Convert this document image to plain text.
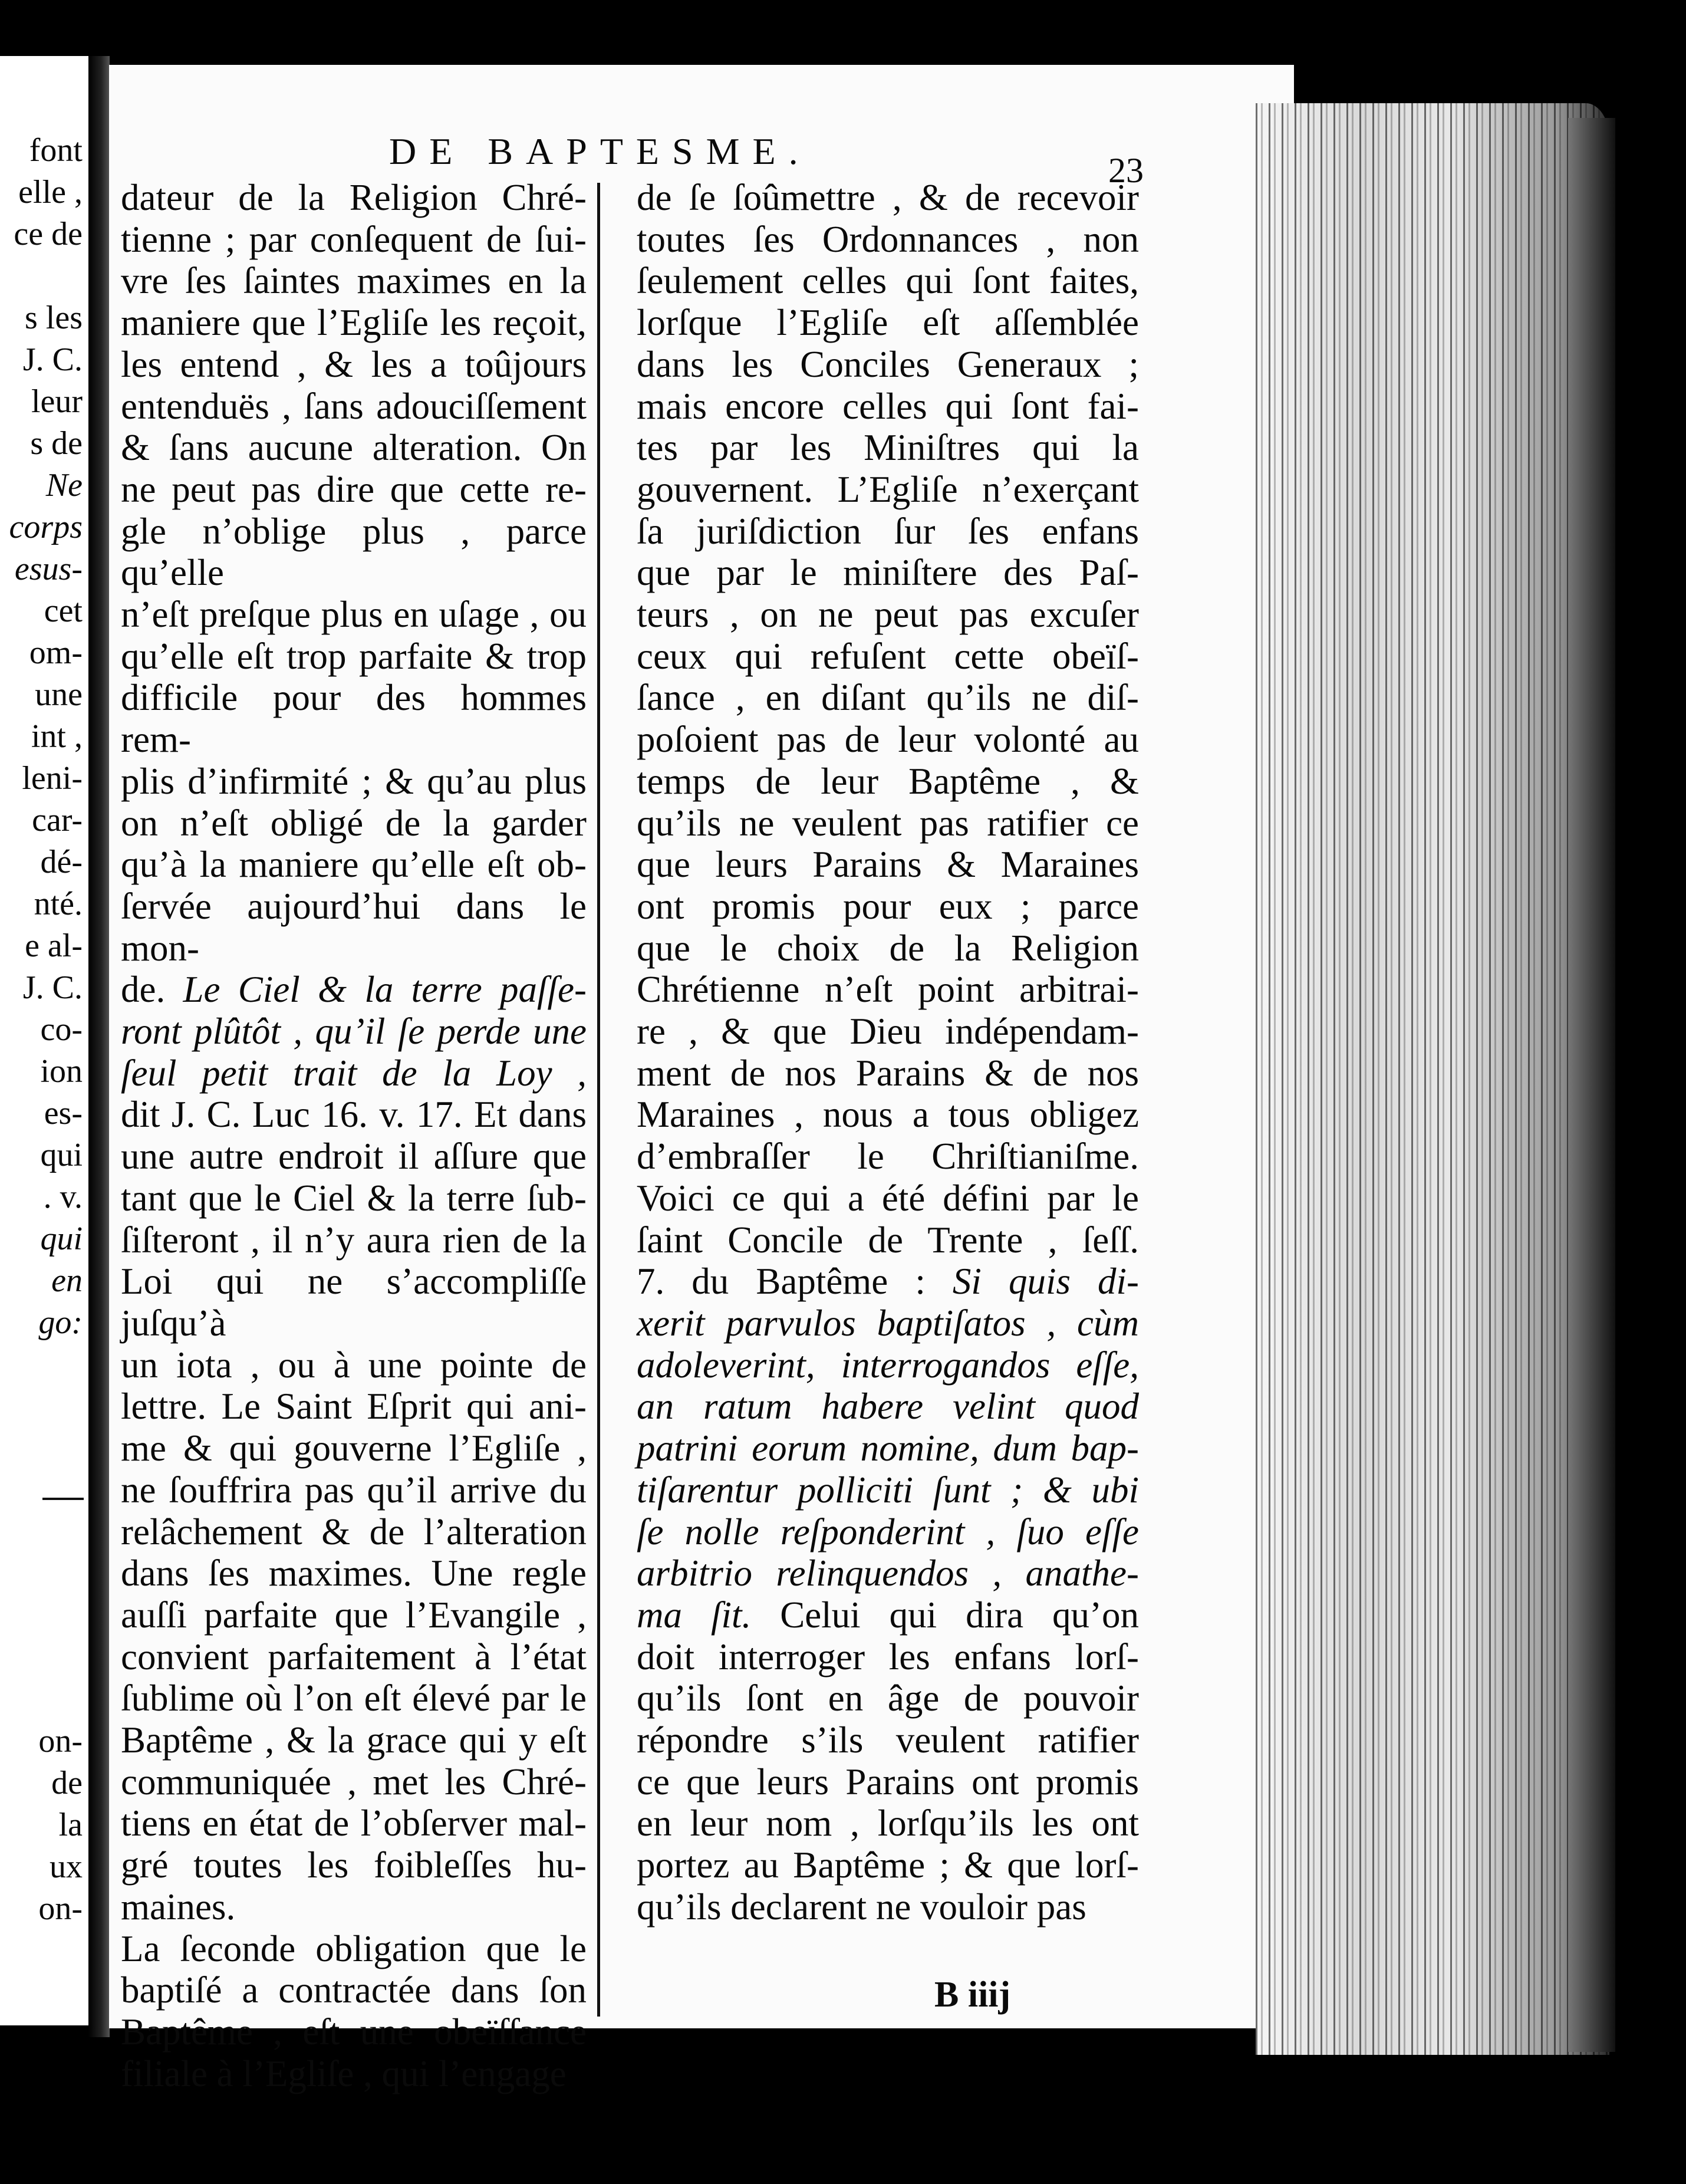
font
elle ,
ce de
s les
J. C.
leur
s de
Ne
corps
esus-
cet
om-
une
int ,
leni-
car-
dé-
nté.
e al-
J. C.
co-
ion
es-
qui
. v.
qui
en
go:
on-
de
la
ux
on-
DE BAPTESME.	23
dateur de la Religion Chré-
tienne ; par conſequent de ſui-
vre ſes ſaintes maximes en la
maniere que l’Egliſe les reçoit,
les entend , & les a toûjours
entenduës , ſans adouciſſement
& ſans aucune alteration. On
ne peut pas dire que cette re-
gle n’oblige plus , parce qu’elle
n’eſt preſque plus en uſage , ou
qu’elle eſt trop parfaite & trop
difficile pour des hommes rem-
plis d’infirmité ; & qu’au plus
on n’eſt obligé de la garder
qu’à la maniere qu’elle eſt ob-
ſervée aujourd’hui dans le mon-
de. Le Ciel & la terre paſſe-
ront plûtôt , qu’il ſe perde une
ſeul petit trait de la Loy ,
dit J. C. Luc 16. v. 17. Et dans
une autre endroit il aſſure que
tant que le Ciel & la terre ſub-
ſiſteront , il n’y aura rien de la
Loi qui ne s’accompliſſe juſqu’à
un iota , ou à une pointe de
lettre. Le Saint Eſprit qui ani-
me & qui gouverne l’Egliſe ,
ne ſouffrira pas qu’il arrive du
relâchement & de l’alteration
dans ſes maximes. Une regle
auſſi parfaite que l’Evangile ,
convient parfaitement à l’état
ſublime où l’on eſt élevé par le
Baptême , & la grace qui y eſt
communiquée , met les Chré-
tiens en état de l’obſerver mal-
gré toutes les foibleſſes hu-
maines.
La ſeconde obligation que le
baptiſé a contractée dans ſon
Baptême , eſt une obeïſſance
filiale à l’Egliſe , qui l’engage
de ſe ſoûmettre , & de recevoir
toutes ſes Ordonnances , non
ſeulement celles qui ſont faites,
lorſque l’Egliſe eſt aſſemblée
dans les Conciles Generaux ;
mais encore celles qui ſont fai-
tes par les Miniſtres qui la
gouvernent. L’Egliſe n’exerçant
ſa juriſdiction ſur ſes enfans
que par le miniſtere des Paſ-
teurs , on ne peut pas excuſer
ceux qui refuſent cette obeïſ-
ſance , en diſant qu’ils ne diſ-
poſoient pas de leur volonté au
temps de leur Baptême , &
qu’ils ne veulent pas ratifier ce
que leurs Parains & Maraines
ont promis pour eux ; parce
que le choix de la Religion
Chrétienne n’eſt point arbitrai-
re , & que Dieu indépendam-
ment de nos Parains & de nos
Maraines , nous a tous obligez
d’embraſſer le Chriſtianiſme.
Voici ce qui a été défini par le
ſaint Concile de Trente , ſeſſ.
7. du Baptême : Si quis di-
xerit parvulos baptiſatos , cùm
adoleverint, interrogandos eſſe,
an ratum habere velint quod
patrini eorum nomine, dum bap-
tiſarentur polliciti ſunt ; & ubi
ſe nolle reſponderint , ſuo eſſe
arbitrio relinquendos , anathe-
ma ſit. Celui qui dira qu’on
doit interroger les enfans lorſ-
qu’ils ſont en âge de pouvoir
répondre s’ils veulent ratifier
ce que leurs Parains ont promis
en leur nom , lorſqu’ils les ont
portez au Baptême ; & que lorſ-
qu’ils declarent ne vouloir pas
B iiij
